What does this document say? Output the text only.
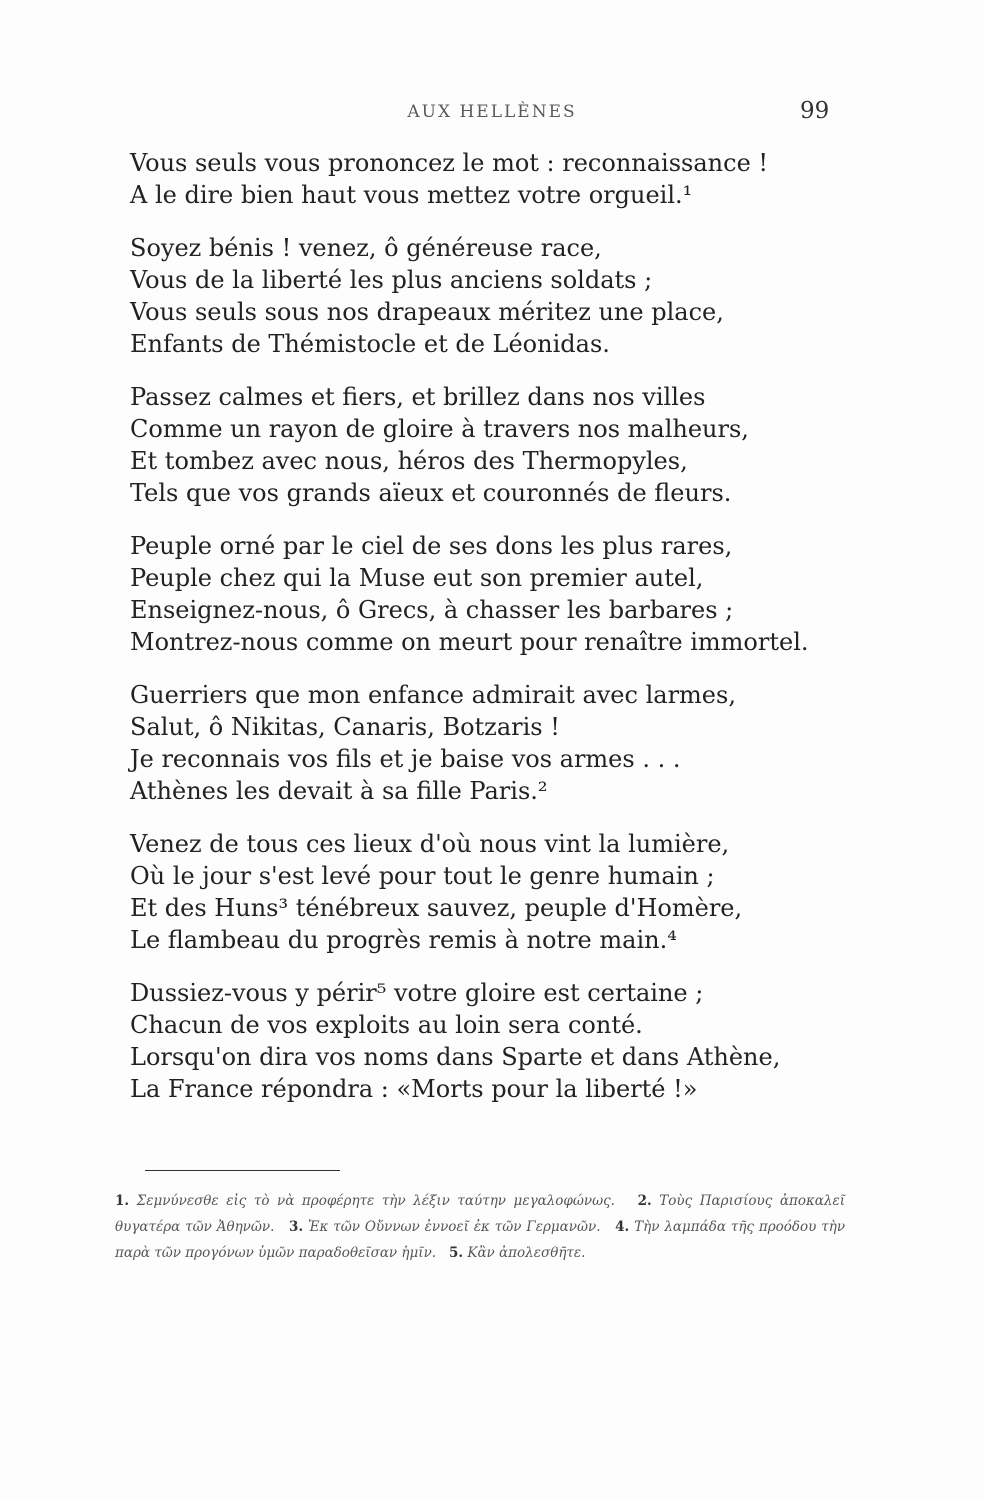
AUX HELLÈNES	99
Vous seuls vous prononcez le mot : reconnaissance !
A le dire bien haut vous mettez votre orgueil.¹
Soyez bénis ! venez, ô généreuse race,
Vous de la liberté les plus anciens soldats ;
Vous seuls sous nos drapeaux méritez une place,
Enfants de Thémistocle et de Léonidas.
Passez calmes et fiers, et brillez dans nos villes
Comme un rayon de gloire à travers nos malheurs,
Et tombez avec nous, héros des Thermopyles,
Tels que vos grands aïeux et couronnés de fleurs.
Peuple orné par le ciel de ses dons les plus rares,
Peuple chez qui la Muse eut son premier autel,
Enseignez-nous, ô Grecs, à chasser les barbares ;
Montrez-nous comme on meurt pour renaître immortel.
Guerriers que mon enfance admirait avec larmes,
Salut, ô Nikitas, Canaris, Botzaris !
Je reconnais vos fils et je baise vos armes . . .
Athènes les devait à sa fille Paris.²
Venez de tous ces lieux d'où nous vint la lumière,
Où le jour s'est levé pour tout le genre humain ;
Et des Huns³ ténébreux sauvez, peuple d'Homère,
Le flambeau du progrès remis à notre main.⁴
Dussiez-vous y périr⁵ votre gloire est certaine ;
Chacun de vos exploits au loin sera conté.
Lorsqu'on dira vos noms dans Sparte et dans Athène,
La France répondra : «Morts pour la liberté !»
1. Σεμνύνεσθε εἰς τὸ νὰ προφέρητε τὴν λέξιν ταύτην μεγαλοφώνως. 2. Τοὺς Παρισίους ἀποκαλεῖ θυγατέρα τῶν Ἀθηνῶν. 3. Ἐκ τῶν Οὔννων ἐννοεῖ ἐκ τῶν Γερμανῶν. 4. Τὴν λαμπάδα τῆς προόδου τὴν παρὰ τῶν προγόνων ὑμῶν παραδοθεῖσαν ἡμῖν. 5. Κἂν ἀπολεσθῆτε.
